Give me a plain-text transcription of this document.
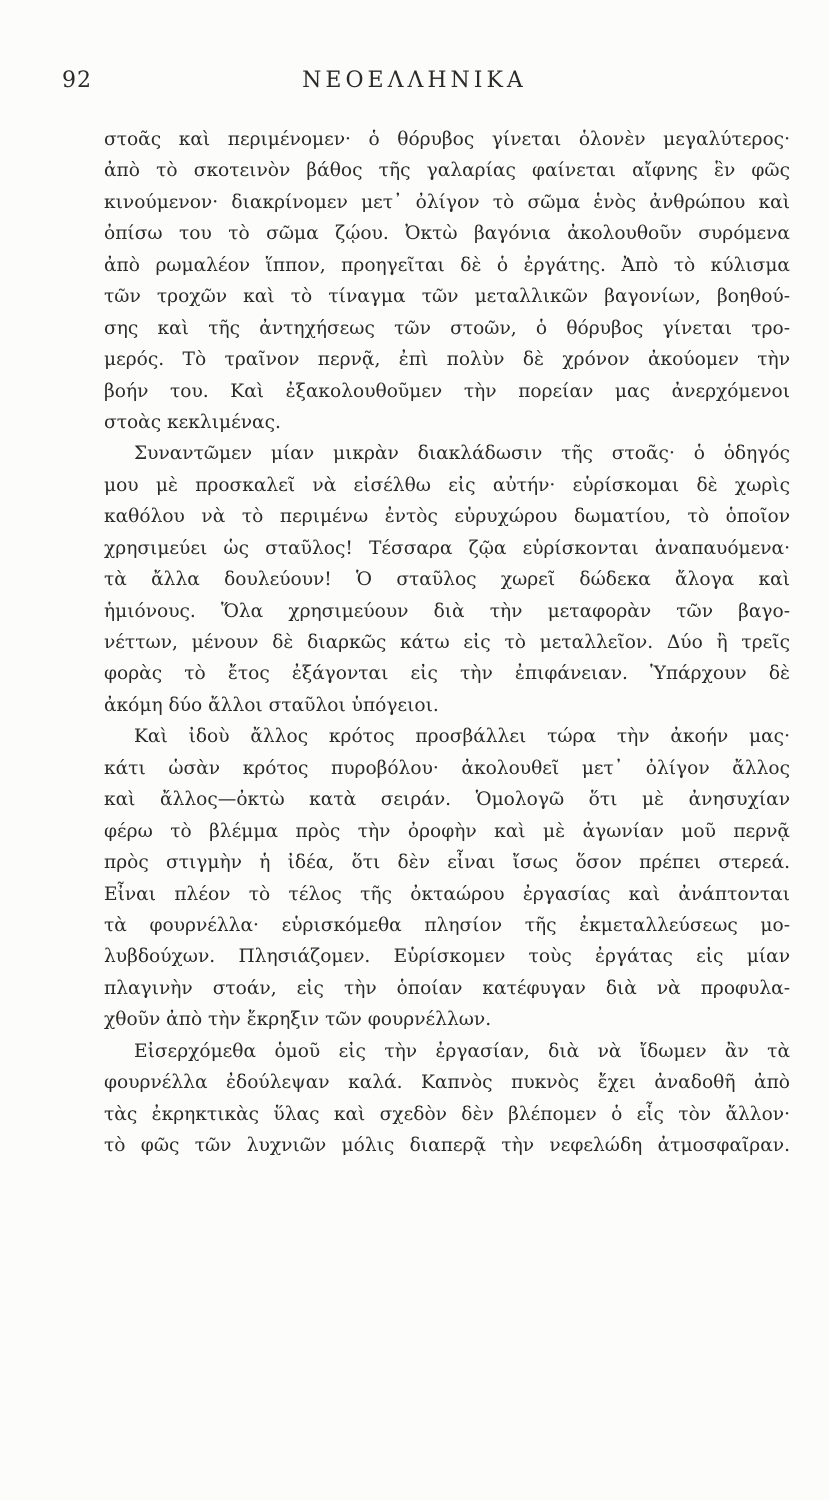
92	ΝΕΟΕΛΛΗΝΙΚΑ
στοᾶς καὶ περιμένομεν· ὁ θόρυβος γίνεται ὁλονὲν μεγαλύτερος·
ἀπὸ τὸ σκοτεινὸν βάθος τῆς γαλαρίας φαίνεται αἴφνης ἓν φῶς
κινούμενον· διακρίνομεν μετ᾽ ὀλίγον τὸ σῶμα ἑνὸς ἀνθρώπου καὶ
ὀπίσω του τὸ σῶμα ζῴου. Ὀκτὼ βαγόνια ἀκολουθοῦν συρόμενα
ἀπὸ ρωμαλέον ἵππον, προηγεῖται δὲ ὁ ἐργάτης. Ἀπὸ τὸ κύλισμα
τῶν τροχῶν καὶ τὸ τίναγμα τῶν μεταλλικῶν βαγονίων, βοηθού-
σης καὶ τῆς ἀντηχήσεως τῶν στοῶν, ὁ θόρυβος γίνεται τρο-
μερός. Τὸ τραῖνον περνᾷ, ἐπὶ πολὺν δὲ χρόνον ἀκούομεν τὴν
βοήν του. Καὶ ἐξακολουθοῦμεν τὴν πορείαν μας ἀνερχόμενοι
στοὰς κεκλιμένας.
Συναντῶμεν μίαν μικρὰν διακλάδωσιν τῆς στοᾶς· ὁ ὁδηγός
μου μὲ προσκαλεῖ νὰ εἰσέλθω εἰς αὐτήν· εὑρίσκομαι δὲ χωρὶς
καθόλου νὰ τὸ περιμένω ἐντὸς εὐρυχώρου δωματίου, τὸ ὁποῖον
χρησιμεύει ὡς σταῦλος! Τέσσαρα ζῷα εὑρίσκονται ἀναπαυόμενα·
τὰ ἄλλα δουλεύουν! Ὁ σταῦλος χωρεῖ δώδεκα ἄλογα καὶ
ἡμιόνους. Ὅλα χρησιμεύουν διὰ τὴν μεταφορὰν τῶν βαγο-
νέττων, μένουν δὲ διαρκῶς κάτω εἰς τὸ μεταλλεῖον. Δύο ἢ τρεῖς
φορὰς τὸ ἔτος ἐξάγονται εἰς τὴν ἐπιφάνειαν. Ὑπάρχουν δὲ
ἀκόμη δύο ἄλλοι σταῦλοι ὑπόγειοι.
Καὶ ἰδοὺ ἄλλος κρότος προσβάλλει τώρα τὴν ἀκοήν μας·
κάτι ὡσὰν κρότος πυροβόλου· ἀκολουθεῖ μετ᾽ ὀλίγον ἄλλος
καὶ ἄλλος—ὀκτὼ κατὰ σειράν. Ὁμολογῶ ὅτι μὲ ἀνησυχίαν
φέρω τὸ βλέμμα πρὸς τὴν ὀροφὴν καὶ μὲ ἀγωνίαν μοῦ περνᾷ
πρὸς στιγμὴν ἡ ἰδέα, ὅτι δὲν εἶναι ἴσως ὅσον πρέπει στερεά.
Εἶναι πλέον τὸ τέλος τῆς ὀκταώρου ἐργασίας καὶ ἀνάπτονται
τὰ φουρνέλλα· εὑρισκόμεθα πλησίον τῆς ἐκμεταλλεύσεως μο-
λυβδούχων. Πλησιάζομεν. Εὑρίσκομεν τοὺς ἐργάτας εἰς μίαν
πλαγινὴν στοάν, εἰς τὴν ὁποίαν κατέφυγαν διὰ νὰ προφυλα-
χθοῦν ἀπὸ τὴν ἔκρηξιν τῶν φουρνέλλων.
Εἰσερχόμεθα ὁμοῦ εἰς τὴν ἐργασίαν, διὰ νὰ ἴδωμεν ἂν τὰ
φουρνέλλα ἐδούλεψαν καλά. Καπνὸς πυκνὸς ἔχει ἀναδοθῆ ἀπὸ
τὰς ἐκρηκτικὰς ὕλας καὶ σχεδὸν δὲν βλέπομεν ὁ εἷς τὸν ἄλλον·
τὸ φῶς τῶν λυχνιῶν μόλις διαπερᾷ τὴν νεφελώδη ἀτμοσφαῖραν.
